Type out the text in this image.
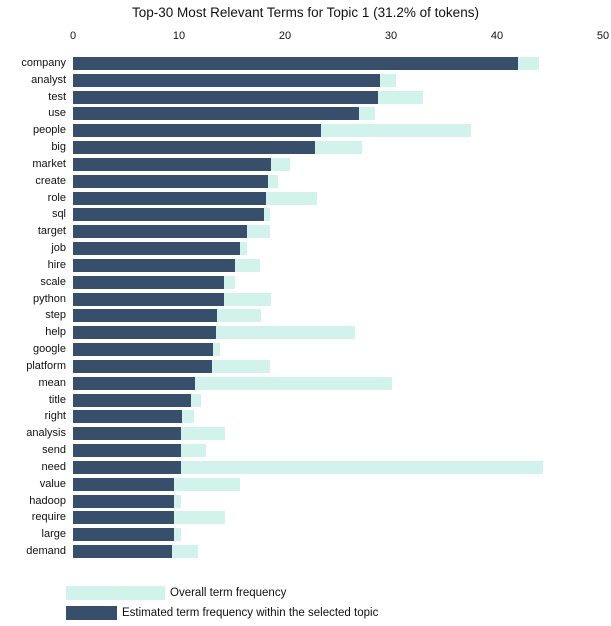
Top-30 Most Relevant Terms for Topic 1 (31.2% of tokens)
0	10	20	30	40	50
company
analyst
test
use
people
big
market
create
role
sql
target
job
hire
scale
python
step
help
google
platform
mean
title
right
analysis
send
need
value
hadoop
require
large
demand
Overall term frequency
Estimated term frequency within the selected topic
